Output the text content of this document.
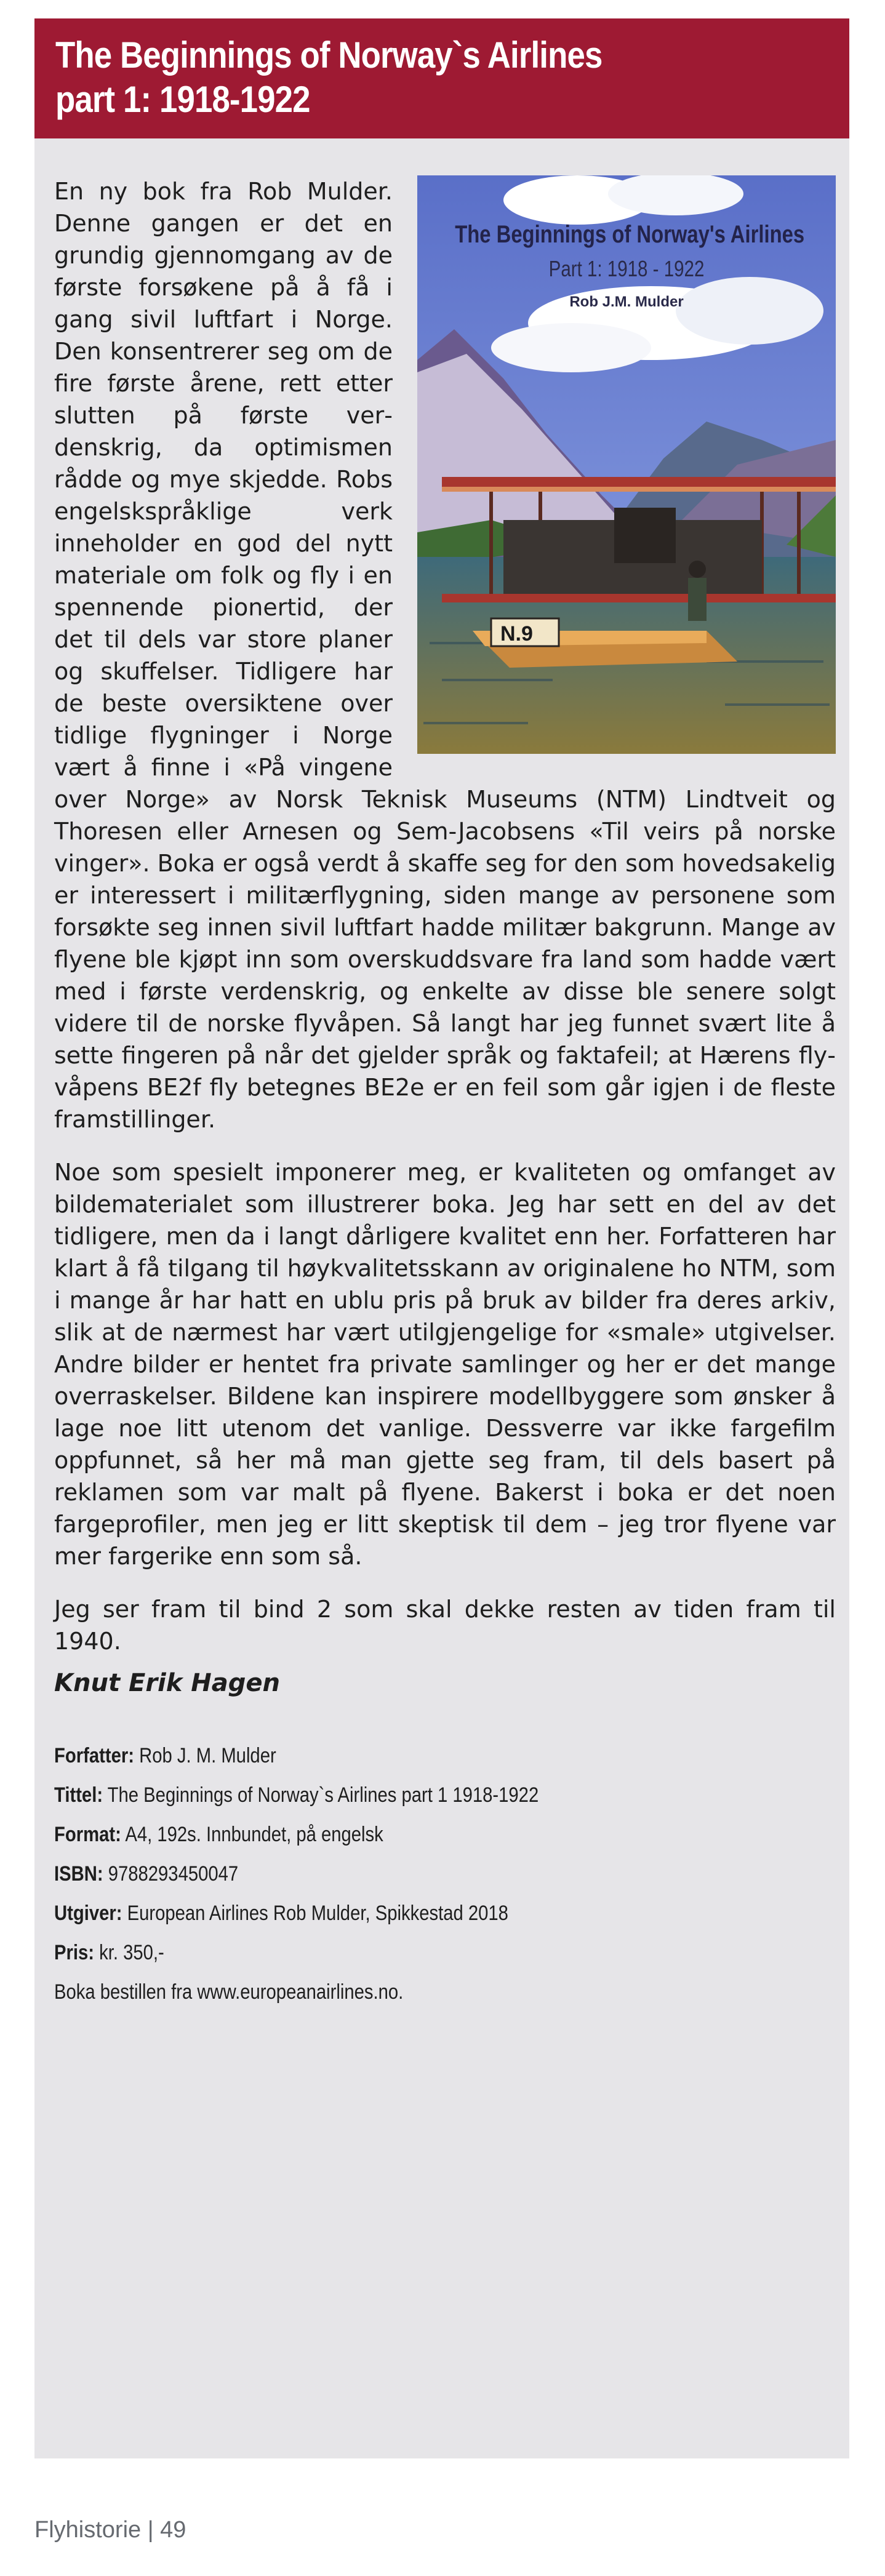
The Beginnings of Norway`s Airlines
part 1: 1918-1922
N.9
The Beginnings of Norway's Airlines
Part 1: 1918 - 1922
Rob J.M. Mulder

En ny bok fra Rob Mulder. Denne gangen er det en grundig gjennomgang av de første forsøkene på å få i gang sivil luftfart i Norge. Den konsentrerer seg om de fire første årene, rett etter slutten på første verdenskrig, da optimismen rådde og mye skjedde. Robs engelskspråklige verk inneholder en god del nytt materiale om folk og fly i en spennende pionertid, der det til dels var store planer og skuffelser. Tidligere har de beste oversiktene over tidlige flygninger i Norge vært å finne i «På vingene over Norge» av Norsk Teknisk Museums (NTM) Lindtveit og Thoresen eller Arnesen og Sem-Jacobsens «Til veirs på norske vinger». Boka er også verdt å skaffe seg for den som hovedsakelig er interessert i militærflygning, siden mange av personene som forsøkte seg innen sivil luftfart hadde militær bakgrunn. Mange av flyene ble kjøpt inn som overskuddsvare fra land som hadde vært med i første verdenskrig, og enkelte av disse ble senere solgt videre til de norske flyvåpen. Så langt har jeg funnet svært lite å sette fingeren på når det gjelder språk og faktafeil; at Hærens flyvåpens BE2f fly betegnes BE2e er en feil som går igjen i de fleste framstillinger.

Noe som spesielt imponerer meg, er kvaliteten og omfanget av bildematerialet som illustrerer boka. Jeg har sett en del av det tidligere, men da i langt dårligere kvalitet enn her. Forfatteren har klart å få tilgang til høykvalitetsskann av originalene ho NTM, som i mange år har hatt en ublu pris på bruk av bilder fra deres arkiv, slik at de nærmest har vært utilgjengelige for «smale» utgivelser. Andre bilder er hentet fra private samlinger og her er det mange overraskelser. Bildene kan inspirere modellbyggere som ønsker å lage noe litt utenom det vanlige. Dessverre var ikke fargefilm oppfunnet, så her må man gjette seg fram, til dels basert på reklamen som var malt på flyene. Bakerst i boka er det noen fargeprofiler, men jeg er litt skeptisk til dem – jeg tror flyene var mer fargerike enn som så.

Jeg ser fram til bind 2 som skal dekke resten av tiden fram til 1940.

Knut Erik Hagen
Forfatter: Rob J. M. Mulder
Tittel: The Beginnings of Norway`s Airlines part 1 1918-1922
Format: A4, 192s. Innbundet, på engelsk
ISBN: 9788293450047
Utgiver: European Airlines Rob Mulder, Spikkestad 2018
Pris: kr. 350,-
Boka bestillen fra www.europeanairlines.no.
Flyhistorie | 49
